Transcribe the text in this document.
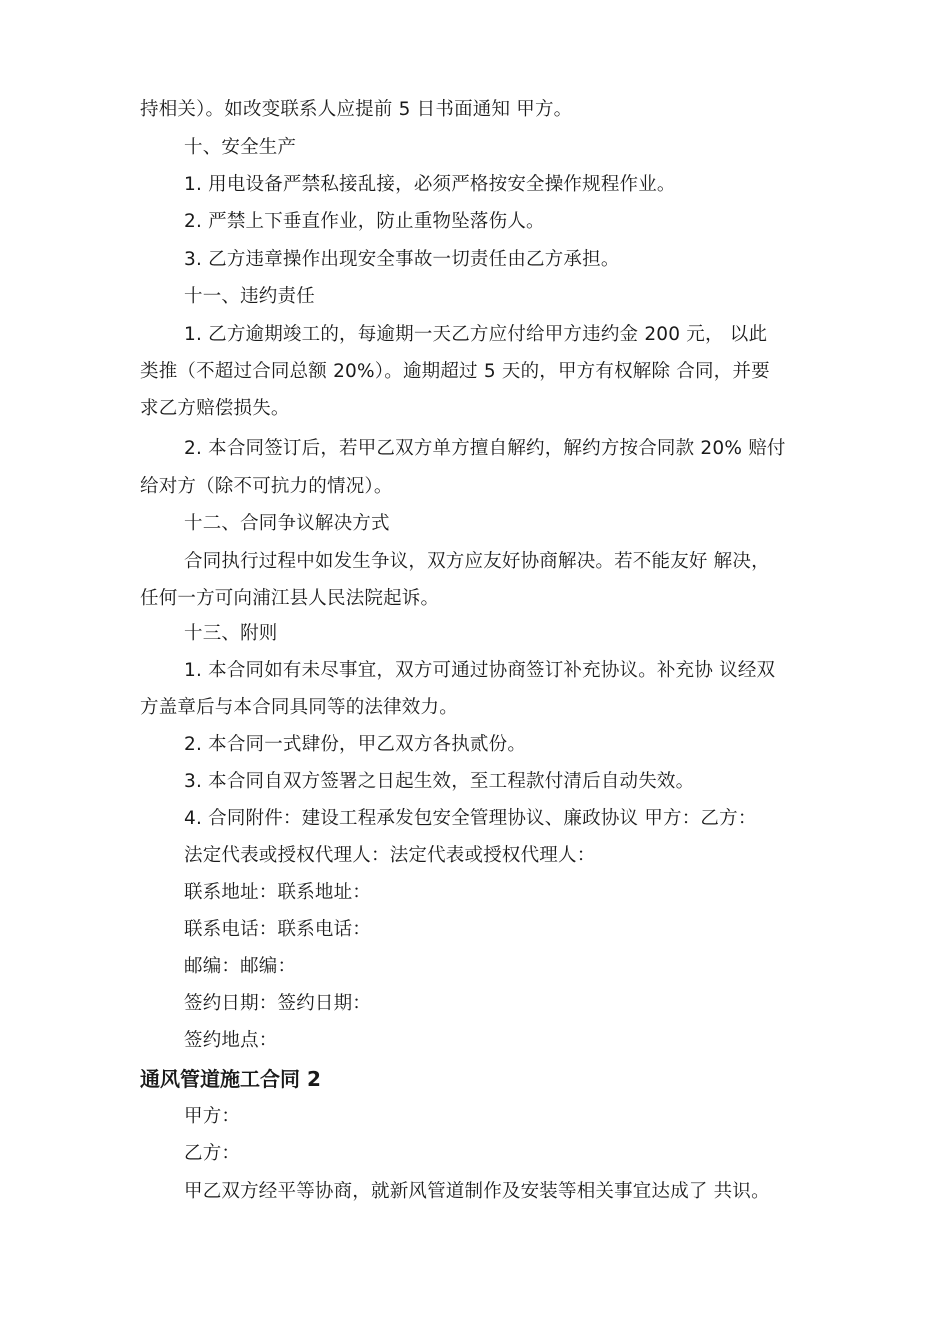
持相关）。如改变联系人应提前 5 日书面通知 甲方。
十、安全生产
1. 用电设备严禁私接乱接，必须严格按安全操作规程作业。
2. 严禁上下垂直作业，防止重物坠落伤人。
3. 乙方违章操作出现安全事故一切责任由乙方承担。
十一、违约责任
1. 乙方逾期竣工的，每逾期一天乙方应付给甲方违约金 200 元， 以此
类推（不超过合同总额 20%）。逾期超过 5 天的，甲方有权解除 合同，并要
求乙方赔偿损失。
2. 本合同签订后，若甲乙双方单方擅自解约，解约方按合同款 20% 赔付
给对方（除不可抗力的情况）。
十二、合同争议解决方式
合同执行过程中如发生争议，双方应友好协商解决。若不能友好 解决，
任何一方可向浦江县人民法院起诉。
十三、附则
1. 本合同如有未尽事宜，双方可通过协商签订补充协议。补充协 议经双
方盖章后与本合同具同等的法律效力。
2. 本合同一式肆份，甲乙双方各执贰份。
3. 本合同自双方签署之日起生效，至工程款付清后自动失效。
4. 合同附件：建设工程承发包安全管理协议、廉政协议 甲方：乙方：
法定代表或授权代理人：法定代表或授权代理人：
联系地址：联系地址：
联系电话：联系电话：
邮编：邮编：
签约日期：签约日期：
签约地点：
通风管道施工合同 2
甲方：
乙方：
甲乙双方经平等协商，就新风管道制作及安装等相关事宜达成了 共识。
